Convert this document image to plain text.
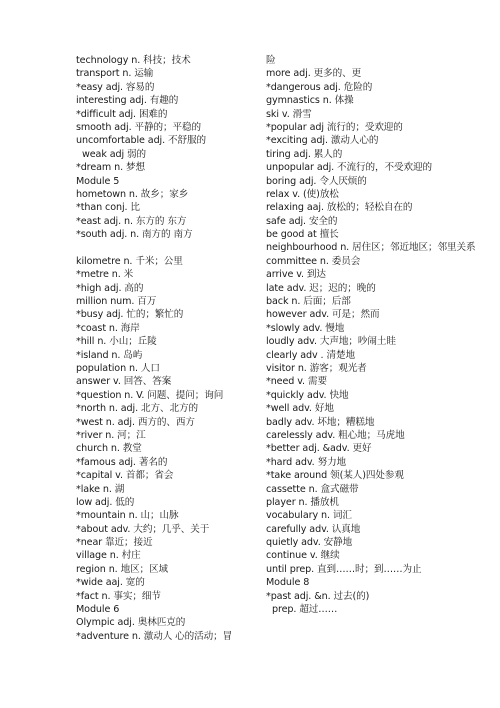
technology n. 科技；技术
transport n. 运输
*easy adj. 容易的
interesting adj. 有趣的
*difficult adj. 困难的
smooth adj. 平静的；平稳的
uncomfortable adj. 不舒服的
weak adj 弱的
*dream n. 梦想
Module 5
hometown n. 故乡；家乡
*than conj. 比
*east adj. n. 东方的 东方
*south adj. n. 南方的 南方
kilometre n. 千米；公里
*metre n. 米
*high adj. 高的
million num. 百万
*busy adj. 忙的；繁忙的
*coast n. 海岸
*hill n. 小山；丘陵
*island n. 岛屿
population n. 人口
answer v. 回答、答案
*question n. V. 问题、提问；询问
*north n. adj. 北方、北方的
*west n. adj. 西方的、西方
*river n. 河；江
church n. 教堂
*famous adj. 著名的
*capital v. 首都；省会
*lake n. 湖
low adj. 低的
*mountain n. 山；山脉
*about adv. 大约；几乎、关于
*near 靠近；接近
village n. 村庄
region n. 地区；区域
*wide aaj. 宽的
*fact n. 事实；细节
Module 6
Olympic adj. 奥林匹克的
*adventure n. 激动人 心的活动；冒
险
more adj. 更多的、更
*dangerous adj. 危险的
gymnastics n. 体操
ski v. 滑雪
*popular adj 流行的；受欢迎的
*exciting adj. 激动人心的
tiring adj. 累人的
unpopular adj. 不流行的，不受欢迎的
boring adj. 令人厌烦的
relax v. (使)放松
relaxing aaj. 放松的；轻松自在的
safe adj. 安全的
be good at 擅长
neighbourhood n. 居住区；邻近地区；邻里关系
committee n. 委员会
arrive v. 到达
late adv. 迟；迟的；晚的
back n. 后面；后部
however adv. 可是；然而
*slowly adv. 慢地
loudly adv. 大声地；吵闹土眭
clearly adv . 清楚地
visitor n. 游客；观光者
*need v. 需要
*quickly adv. 快地
*well adv. 好地
badly adv. 坏地；糟糕地
carelessly adv. 粗心地；马虎地
*better adj. &adv. 更好
*hard adv. 努力地
*take around 领(某人)四处参观
cassette n. 盒式磁带
player n. 播放机
vocabulary n. 词汇
carefully adv. 认真地
quietly adv. 安静地
continue v. 继续
until prep. 直到……时；到……为止
Module 8
*past adj. &n. 过去(的)
prep. 超过……
